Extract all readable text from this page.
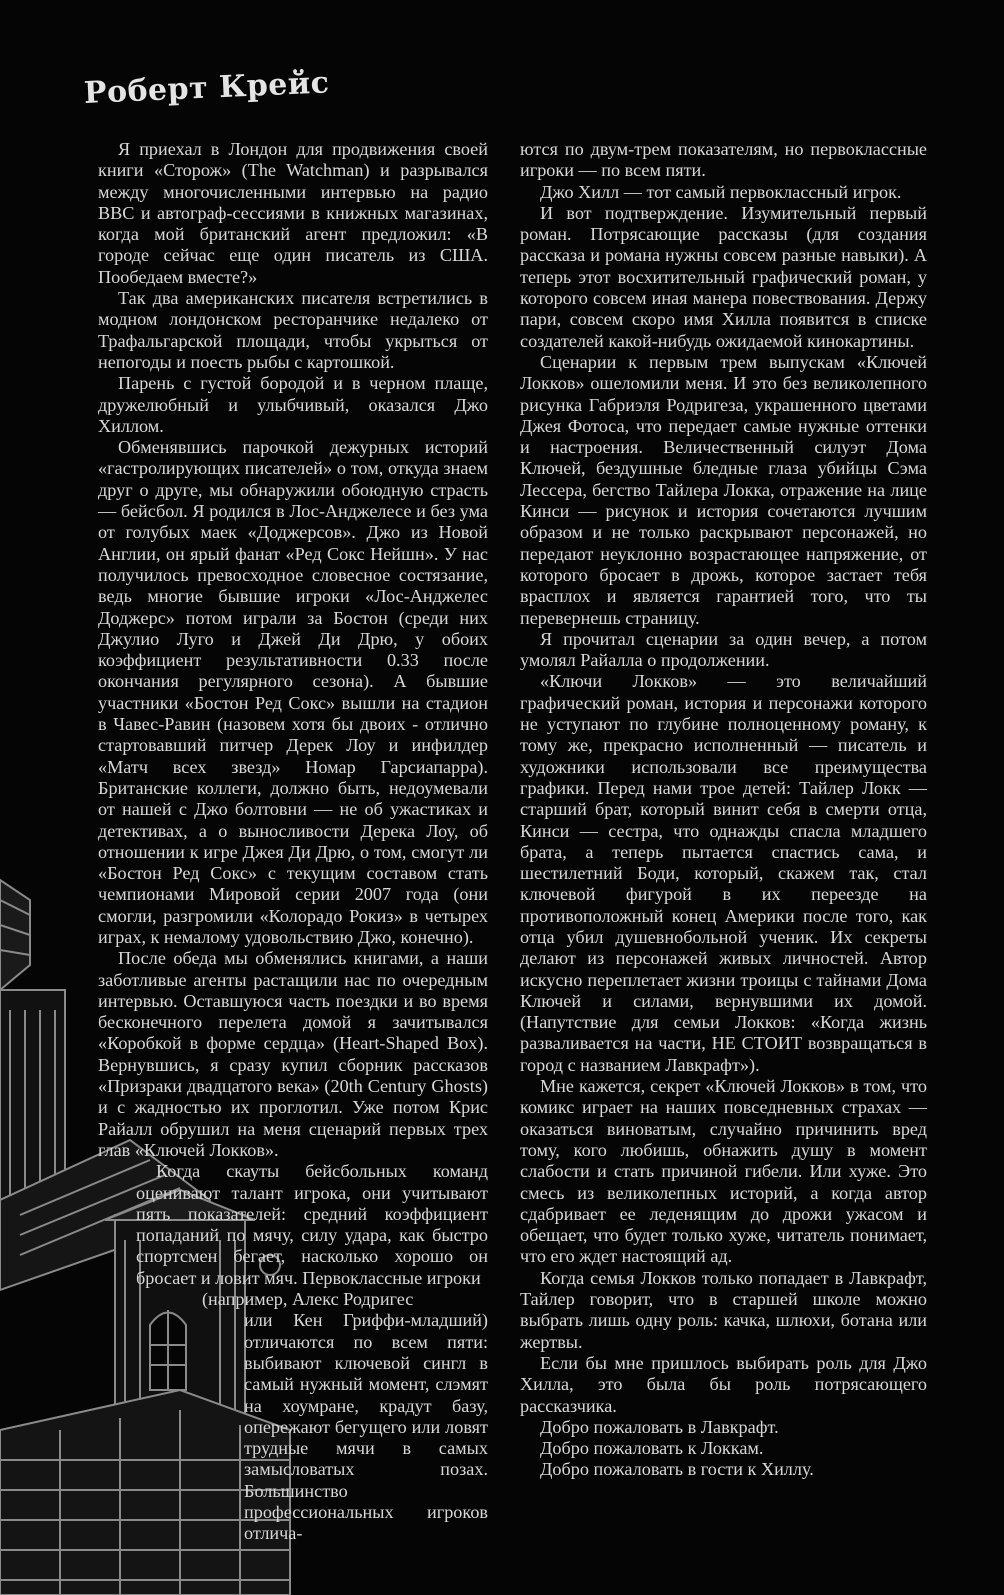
Роберт Крейс

Я приехал в Лондон для продвижения своей книги «Сторож» (The Watchman) и разрывался между многочисленными интервью на радио BBC и автограф-сессиями в книжных магазинах, когда мой британский агент предложил: «В городе сейчас еще один писатель из США. Пообедаем вместе?»

Так два американских писателя встретились в модном лондонском ресторанчике недалеко от Трафальгарской площади, чтобы укрыться от непогоды и поесть рыбы с картошкой.

Парень с густой бородой и в черном плаще, дружелюбный и улыбчивый, оказался Джо Хиллом.

Обменявшись парочкой дежурных историй «гастролирующих писателей» о том, откуда знаем друг о друге, мы обнаружили обоюдную страсть — бейсбол. Я родился в Лос-Анджелесе и без ума от голубых маек «Доджерсов». Джо из Новой Англии, он ярый фанат «Ред Сокс Нейшн». У нас получилось превосходное словесное состязание, ведь многие бывшие игроки «Лос-Анджелес Доджерс» потом играли за Бостон (среди них Джулио Луго и Джей Ди Дрю, у обоих коэффициент результативности 0.33 после окончания регулярного сезона). А бывшие участники «Бостон Ред Сокс» вышли на стадион в Чавес-Равин (назовем хотя бы двоих - отлично стартовавший питчер Дерек Лоу и инфилдер «Матч всех звезд» Номар Гарсиапарра). Британские коллеги, должно быть, недоумевали от нашей с Джо болтовни — не об ужастиках и детективах, а о выносливости Дерека Лоу, об отношении к игре Джея Ди Дрю, о том, смогут ли «Бостон Ред Сокс» с текущим составом стать чемпионами Мировой серии 2007 года (они смогли, разгромили «Колорадо Рокиз» в четырех играх, к немалому удовольствию Джо, конечно).

После обеда мы обменялись книгами, а наши заботливые агенты растащили нас по очередным интервью. Оставшуюся часть поездки и во время бесконечного перелета домой я зачитывался «Коробкой в форме сердца» (Heart-Shaped Box). Вернувшись, я сразу купил сборник рассказов «Призраки двадцатого века» (20th Century Ghosts) и с жадностью их проглотил. Уже потом Крис Райалл обрушил на меня сценарий первых трех глав «Ключей Локков».

Когда скауты бейсбольных команд оценивают талант игрока, они учитывают пять показателей: средний коэффициент попаданий по мячу, силу удара, как быстро спортсмен бегает, насколько хорошо он бросает и ловит мяч. Первоклассные игроки

(например, Алекс Родригес

или Кен Гриффи-младший) отличаются по всем пяти: выбивают ключевой сингл в самый нужный момент, слэмят на хоумране, крадут базу, опережают бегущего или ловят трудные мячи в самых замысловатых позах. Большинство профессиональных игроков отлича-

ются по двум-трем показателям, но первоклассные игроки — по всем пяти.

Джо Хилл — тот самый первоклассный игрок.

И вот подтверждение. Изумительный первый роман. Потрясающие рассказы (для создания рассказа и романа нужны совсем разные навыки). А теперь этот восхитительный графический роман, у которого совсем иная манера повествования. Держу пари, совсем скоро имя Хилла появится в списке создателей какой-нибудь ожидаемой кинокартины.

Сценарии к первым трем выпускам «Ключей Локков» ошеломили меня. И это без великолепного рисунка Габриэля Родригеза, украшенного цветами Джея Фотоса, что передает самые нужные оттенки и настроения. Величественный силуэт Дома Ключей, бездушные бледные глаза убийцы Сэма Лессера, бегство Тайлера Локка, отражение на лице Кинси — рисунок и история сочетаются лучшим образом и не только раскрывают персонажей, но передают неуклонно возрастающее напряжение, от которого бросает в дрожь, которое застает тебя врасплох и является гарантией того, что ты перевернешь страницу.

Я прочитал сценарии за один вечер, а потом умолял Райалла о продолжении.

«Ключи Локков» — это величайший графический роман, история и персонажи которого не уступают по глубине полноценному роману, к тому же, прекрасно исполненный — писатель и художники использовали все преимущества графики. Перед нами трое детей: Тайлер Локк — старший брат, который винит себя в смерти отца, Кинси — сестра, что однажды спасла младшего брата, а теперь пытается спастись сама, и шестилетний Боди, который, скажем так, стал ключевой фигурой в их переезде на противоположный конец Америки после того, как отца убил душевнобольной ученик. Их секреты делают из персонажей живых личностей. Автор искусно переплетает жизни троицы с тайнами Дома Ключей и силами, вернувшими их домой. (Напутствие для семьи Локков: «Когда жизнь разваливается на части, НЕ СТОИТ возвращаться в город с названием Лавкрафт»).

Мне кажется, секрет «Ключей Локков» в том, что комикс играет на наших повседневных страхах — оказаться виноватым, случайно причинить вред тому, кого любишь, обнажить душу в момент слабости и стать причиной гибели. Или хуже. Это смесь из великолепных историй, а когда автор сдабривает ее леденящим до дрожи ужасом и обещает, что будет только хуже, читатель понимает, что его ждет настоящий ад.

Когда семья Локков только попадает в Лавкрафт, Тайлер говорит, что в старшей школе можно выбрать лишь одну роль: качка, шлюхи, ботана или жертвы.

Если бы мне пришлось выбирать роль для Джо Хилла, это была бы роль потрясающего рассказчика.

Добро пожаловать в Лавкрафт.

Добро пожаловать к Локкам.

Добро пожаловать в гости к Хиллу.
